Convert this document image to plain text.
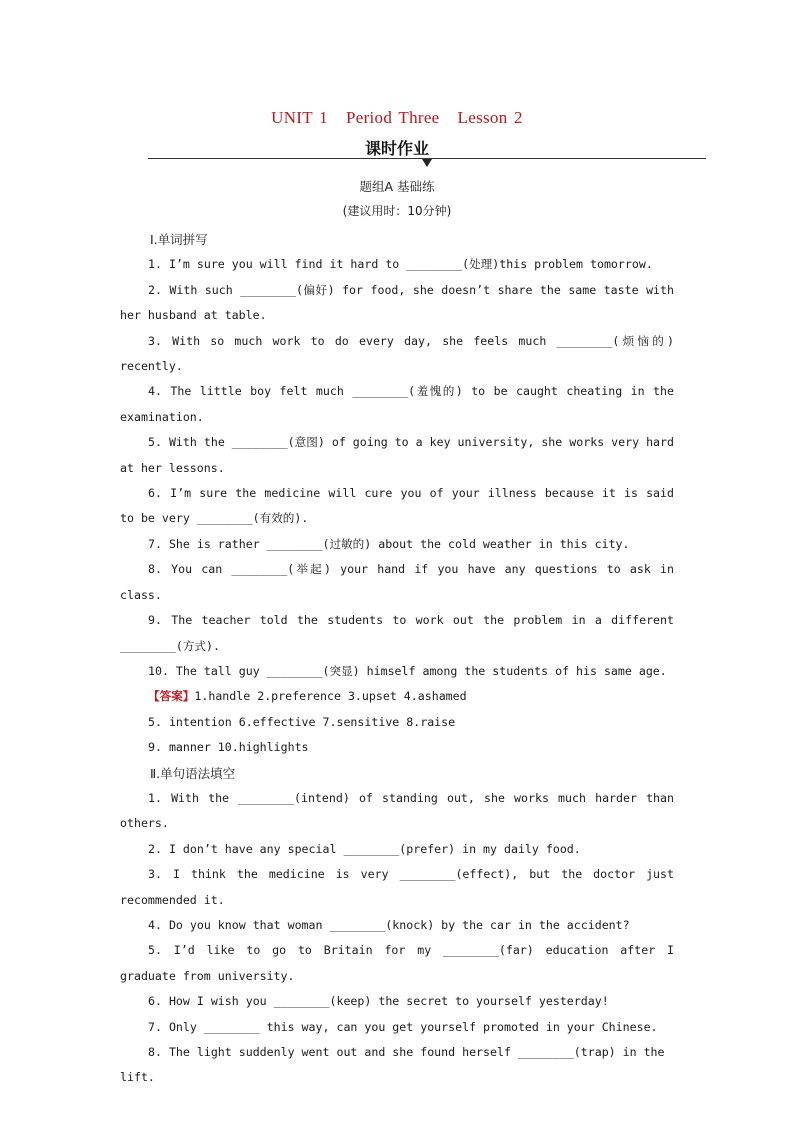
UNIT 1 Period Three Lesson 2
课时作业
题组A 基础练
(建议用时：10分钟)
Ⅰ.单词拼写

1. I’m sure you will find it hard to ________(处理)this problem tomorrow.

2. With such ________(偏好) for food, she doesn’t share the same taste with her husband at table.

3. With so much work to do every day, she feels much ________(烦恼的) recently.

4. The little boy felt much ________(羞愧的) to be caught cheating in the examination.

5. With the ________(意图) of going to a key university, she works very hard at her lessons.

6. I’m sure the medicine will cure you of your illness because it is said to be very ________(有效的).

7. She is rather ________(过敏的) about the cold weather in this city.

8. You can ________(举起) your hand if you have any questions to ask in class.

9. The teacher told the students to work out the problem in a different ________(方式).

10. The tall guy ________(突显) himself among the students of his same age.

【答案】1.handle 2.preference 3.upset 4.ashamed

5. intention 6.effective 7.sensitive 8.raise

9. manner 10.highlights

Ⅱ.单句语法填空

1. With the ________(intend) of standing out, she works much harder than others.

2. I don’t have any special ________(prefer) in my daily food.

3. I think the medicine is very ________(effect), but the doctor just recommended it.

4. Do you know that woman ________(knock) by the car in the accident?

5. I’d like to go to Britain for my ________(far) education after I graduate from university.

6. How I wish you ________(keep) the secret to yourself yesterday!

7. Only ________ this way, can you get yourself promoted in your Chinese.

8. The light suddenly went out and she found herself ________(trap) in the lift.
